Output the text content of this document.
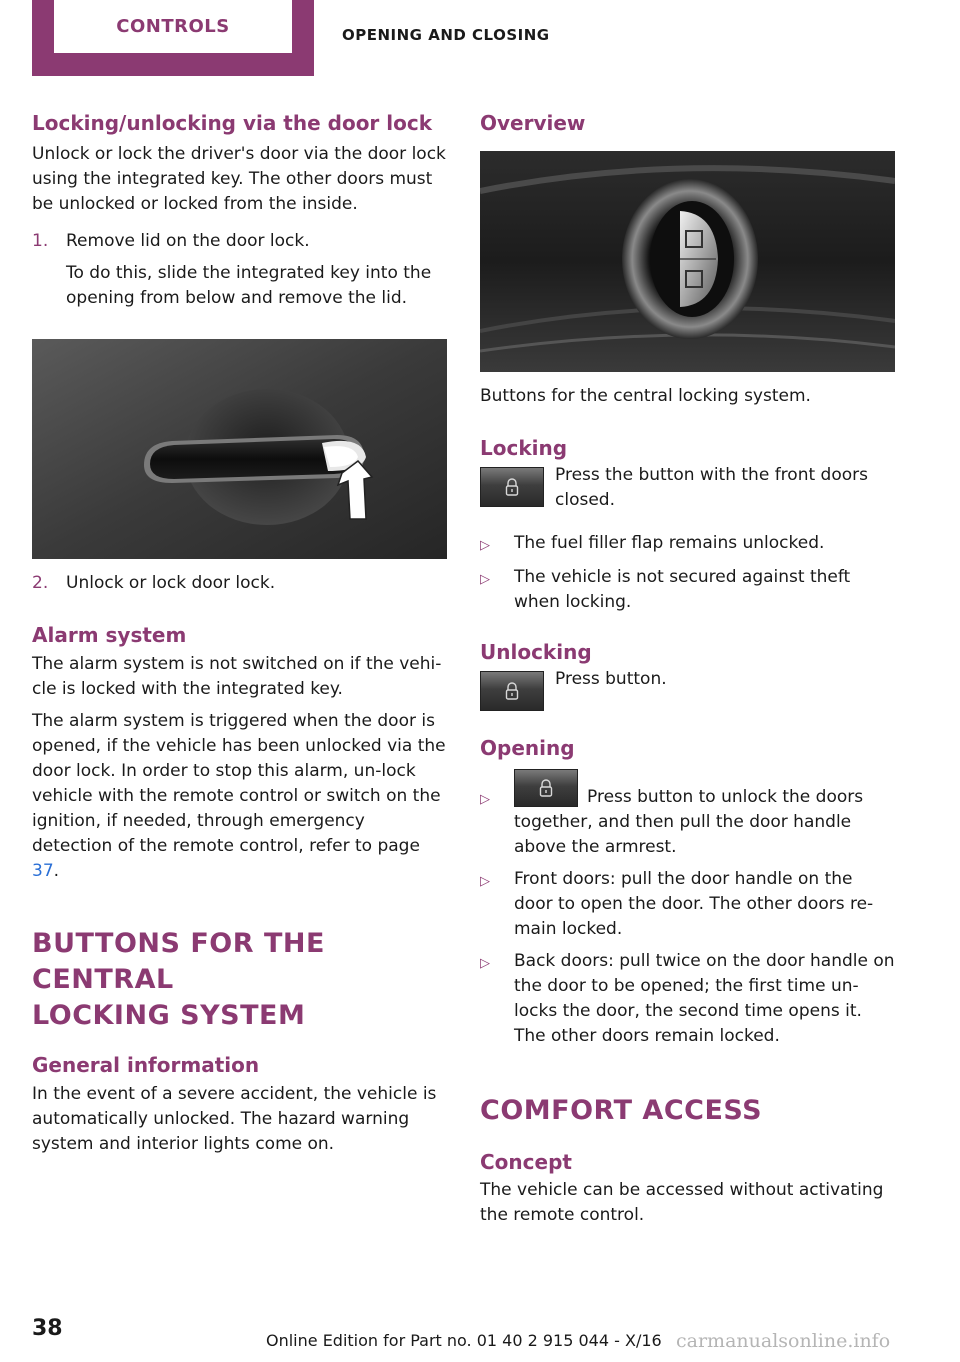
CONTROLS	OPENING AND CLOSING
Locking/unlocking via the door lock
Unlock or lock the driver's door via the door lock using the integrated key. The other doors must be unlocked or locked from the inside.
1.	Remove lid on the door lock.
To do this, slide the integrated key into the opening from below and remove the lid.
2.	Unlock or lock door lock.
Alarm system
The alarm system is not switched on if the vehi-cle is locked with the integrated key.
The alarm system is triggered when the door is opened, if the vehicle has been unlocked via the door lock. In order to stop this alarm, un-lock vehicle with the remote control or switch on the ignition, if needed, through emergency detection of the remote control, refer to page 37.
BUTTONS FOR THE CENTRAL
LOCKING SYSTEM
General information
In the event of a severe accident, the vehicle is automatically unlocked. The hazard warning system and interior lights come on.
Overview
Buttons for the central locking system.
Locking
Press the button with the front doors closed.
▷	The fuel filler flap remains unlocked.
▷	The vehicle is not secured against theft when locking.
Unlocking
Press button.
Opening
▷	Press button to unlock the doors together, and then pull the door handle above the armrest.
▷	Front doors: pull the door handle on the door to open the door. The other doors re-main locked.
▷	Back doors: pull twice on the door handle on the door to be opened; the first time un-locks the door, the second time opens it. The other doors remain locked.
COMFORT ACCESS
Concept
The vehicle can be accessed without activating the remote control.
38	Online Edition for Part no. 01 40 2 915 044 - X/16 carmanualsonline.info
